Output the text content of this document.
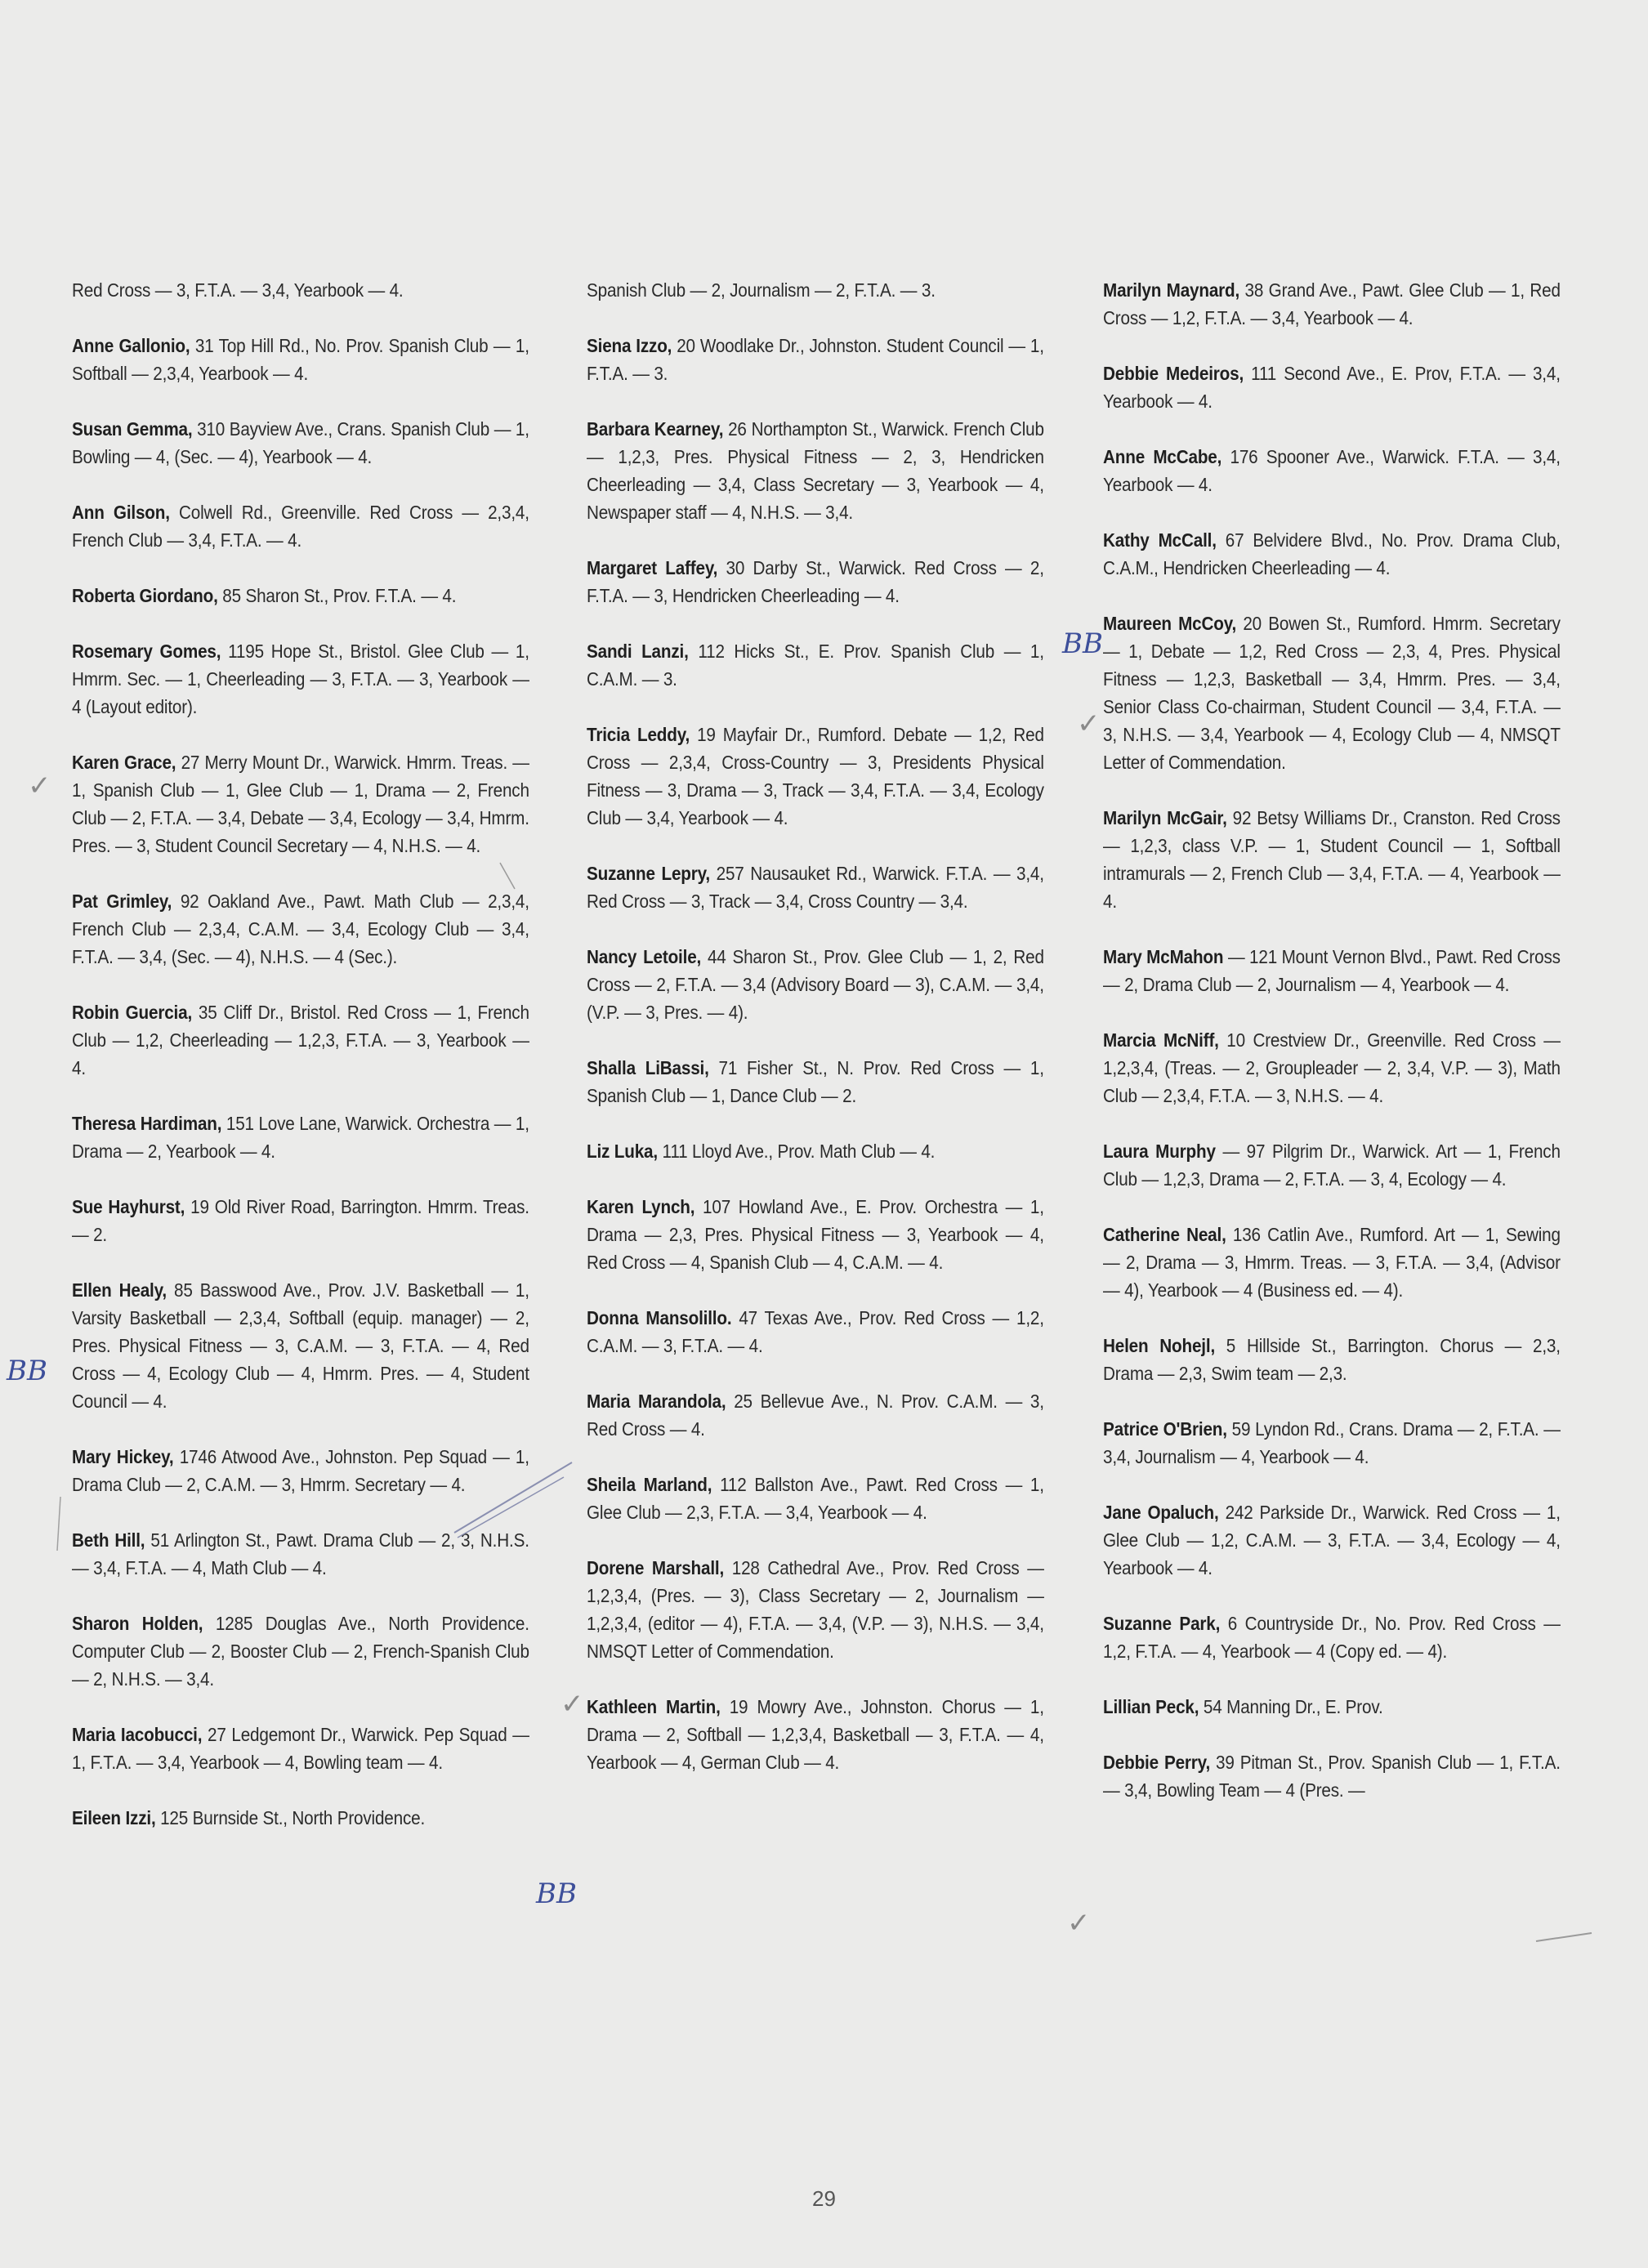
Red Cross — 3, F.T.A. — 3,4, Yearbook — 4.

Anne Gallonio, 31 Top Hill Rd., No. Prov. Spanish Club — 1, Softball — 2,3,4, Yearbook — 4.

Susan Gemma, 310 Bayview Ave., Crans. Spanish Club — 1, Bowling — 4, (Sec. — 4), Yearbook — 4.

Ann Gilson, Colwell Rd., Greenville. Red Cross — 2,3,4, French Club — 3,4, F.T.A. — 4.

Roberta Giordano, 85 Sharon St., Prov. F.T.A. — 4.

Rosemary Gomes, 1195 Hope St., Bristol. Glee Club — 1, Hmrm. Sec. — 1, Cheerleading — 3, F.T.A. — 3, Yearbook — 4 (Layout editor).

Karen Grace, 27 Merry Mount Dr., Warwick. Hmrm. Treas. — 1, Spanish Club — 1, Glee Club — 1, Drama — 2, French Club — 2, F.T.A. — 3,4, Debate — 3,4, Ecology — 3,4, Hmrm. Pres. — 3, Student Council Secretary — 4, N.H.S. — 4.

Pat Grimley, 92 Oakland Ave., Pawt. Math Club — 2,3,4, French Club — 2,3,4, C.A.M. — 3,4, Ecology Club — 3,4, F.T.A. — 3,4, (Sec. — 4), N.H.S. — 4 (Sec.).

Robin Guercia, 35 Cliff Dr., Bristol. Red Cross — 1, French Club — 1,2, Cheerleading — 1,2,3, F.T.A. — 3, Yearbook — 4.

Theresa Hardiman, 151 Love Lane, Warwick. Orchestra — 1, Drama — 2, Yearbook — 4.

Sue Hayhurst, 19 Old River Road, Barrington. Hmrm. Treas. — 2.

Ellen Healy, 85 Basswood Ave., Prov. J.V. Basketball — 1, Varsity Basketball — 2,3,4, Softball (equip. manager) — 2, Pres. Physical Fitness — 3, C.A.M. — 3, F.T.A. — 4, Red Cross — 4, Ecology Club — 4, Hmrm. Pres. — 4, Student Council — 4.

Mary Hickey, 1746 Atwood Ave., Johnston. Pep Squad — 1, Drama Club — 2, C.A.M. — 3, Hmrm. Secretary — 4.

Beth Hill, 51 Arlington St., Pawt. Drama Club — 2, 3, N.H.S. — 3,4, F.T.A. — 4, Math Club — 4.

Sharon Holden, 1285 Douglas Ave., North Providence. Computer Club — 2, Booster Club — 2, French-Spanish Club — 2, N.H.S. — 3,4.

Maria Iacobucci, 27 Ledgemont Dr., Warwick. Pep Squad — 1, F.T.A. — 3,4, Yearbook — 4, Bowling team — 4.

Eileen Izzi, 125 Burnside St., North Providence.

Spanish Club — 2, Journalism — 2, F.T.A. — 3.

Siena Izzo, 20 Woodlake Dr., Johnston. Student Council — 1, F.T.A. — 3.

Barbara Kearney, 26 Northampton St., Warwick. French Club — 1,2,3, Pres. Physical Fitness — 2, 3, Hendricken Cheerleading — 3,4, Class Secretary — 3, Yearbook — 4, Newspaper staff — 4, N.H.S. — 3,4.

Margaret Laffey, 30 Darby St., Warwick. Red Cross — 2, F.T.A. — 3, Hendricken Cheerleading — 4.

Sandi Lanzi, 112 Hicks St., E. Prov. Spanish Club — 1, C.A.M. — 3.

Tricia Leddy, 19 Mayfair Dr., Rumford. Debate — 1,2, Red Cross — 2,3,4, Cross-Country — 3, Presidents Physical Fitness — 3, Drama — 3, Track — 3,4, F.T.A. — 3,4, Ecology Club — 3,4, Yearbook — 4.

Suzanne Lepry, 257 Nausauket Rd., Warwick. F.T.A. — 3,4, Red Cross — 3, Track — 3,4, Cross Country — 3,4.

Nancy Letoile, 44 Sharon St., Prov. Glee Club — 1, 2, Red Cross — 2, F.T.A. — 3,4 (Advisory Board — 3), C.A.M. — 3,4, (V.P. — 3, Pres. — 4).

Shalla LiBassi, 71 Fisher St., N. Prov. Red Cross — 1, Spanish Club — 1, Dance Club — 2.

Liz Luka, 111 Lloyd Ave., Prov. Math Club — 4.

Karen Lynch, 107 Howland Ave., E. Prov. Orchestra — 1, Drama — 2,3, Pres. Physical Fitness — 3, Yearbook — 4, Red Cross — 4, Spanish Club — 4, C.A.M. — 4.

Donna Mansolillo. 47 Texas Ave., Prov. Red Cross — 1,2, C.A.M. — 3, F.T.A. — 4.

Maria Marandola, 25 Bellevue Ave., N. Prov. C.A.M. — 3, Red Cross — 4.

Sheila Marland, 112 Ballston Ave., Pawt. Red Cross — 1, Glee Club — 2,3, F.T.A. — 3,4, Yearbook — 4.

Dorene Marshall, 128 Cathedral Ave., Prov. Red Cross — 1,2,3,4, (Pres. — 3), Class Secretary — 2, Journalism — 1,2,3,4, (editor — 4), F.T.A. — 3,4, (V.P. — 3), N.H.S. — 3,4, NMSQT Letter of Commendation.

Kathleen Martin, 19 Mowry Ave., Johnston. Chorus — 1, Drama — 2, Softball — 1,2,3,4, Basketball — 3, F.T.A. — 4, Yearbook — 4, German Club — 4.

Marilyn Maynard, 38 Grand Ave., Pawt. Glee Club — 1, Red Cross — 1,2, F.T.A. — 3,4, Yearbook — 4.

Debbie Medeiros, 111 Second Ave., E. Prov, F.T.A. — 3,4, Yearbook — 4.

Anne McCabe, 176 Spooner Ave., Warwick. F.T.A. — 3,4, Yearbook — 4.

Kathy McCall, 67 Belvidere Blvd., No. Prov. Drama Club, C.A.M., Hendricken Cheerleading — 4.

Maureen McCoy, 20 Bowen St., Rumford. Hmrm. Secretary — 1, Debate — 1,2, Red Cross — 2,3, 4, Pres. Physical Fitness — 1,2,3, Basketball — 3,4, Hmrm. Pres. — 3,4, Senior Class Co-chairman, Student Council — 3,4, F.T.A. — 3, N.H.S. — 3,4, Yearbook — 4, Ecology Club — 4, NMSQT Letter of Commendation.

Marilyn McGair, 92 Betsy Williams Dr., Cranston. Red Cross — 1,2,3, class V.P. — 1, Student Council — 1, Softball intramurals — 2, French Club — 3,4, F.T.A. — 4, Yearbook — 4.

Mary McMahon — 121 Mount Vernon Blvd., Pawt. Red Cross — 2, Drama Club — 2, Journalism — 4, Yearbook — 4.

Marcia McNiff, 10 Crestview Dr., Greenville. Red Cross — 1,2,3,4, (Treas. — 2, Groupleader — 2, 3,4, V.P. — 3), Math Club — 2,3,4, F.T.A. — 3, N.H.S. — 4.

Laura Murphy — 97 Pilgrim Dr., Warwick. Art — 1, French Club — 1,2,3, Drama — 2, F.T.A. — 3, 4, Ecology — 4.

Catherine Neal, 136 Catlin Ave., Rumford. Art — 1, Sewing — 2, Drama — 3, Hmrm. Treas. — 3, F.T.A. — 3,4, (Advisor — 4), Yearbook — 4 (Business ed. — 4).

Helen Nohejl, 5 Hillside St., Barrington. Chorus — 2,3, Drama — 2,3, Swim team — 2,3.

Patrice O'Brien, 59 Lyndon Rd., Crans. Drama — 2, F.T.A. — 3,4, Journalism — 4, Yearbook — 4.

Jane Opaluch, 242 Parkside Dr., Warwick. Red Cross — 1, Glee Club — 1,2, C.A.M. — 3, F.T.A. — 3,4, Ecology — 4, Yearbook — 4.

Suzanne Park, 6 Countryside Dr., No. Prov. Red Cross — 1,2, F.T.A. — 4, Yearbook — 4 (Copy ed. — 4).

Lillian Peck, 54 Manning Dr., E. Prov.

Debbie Perry, 39 Pitman St., Prov. Spanish Club — 1, F.T.A. — 3,4, Bowling Team — 4 (Pres. —

BB
BB
BB
✓
✓
✓
✓
29
